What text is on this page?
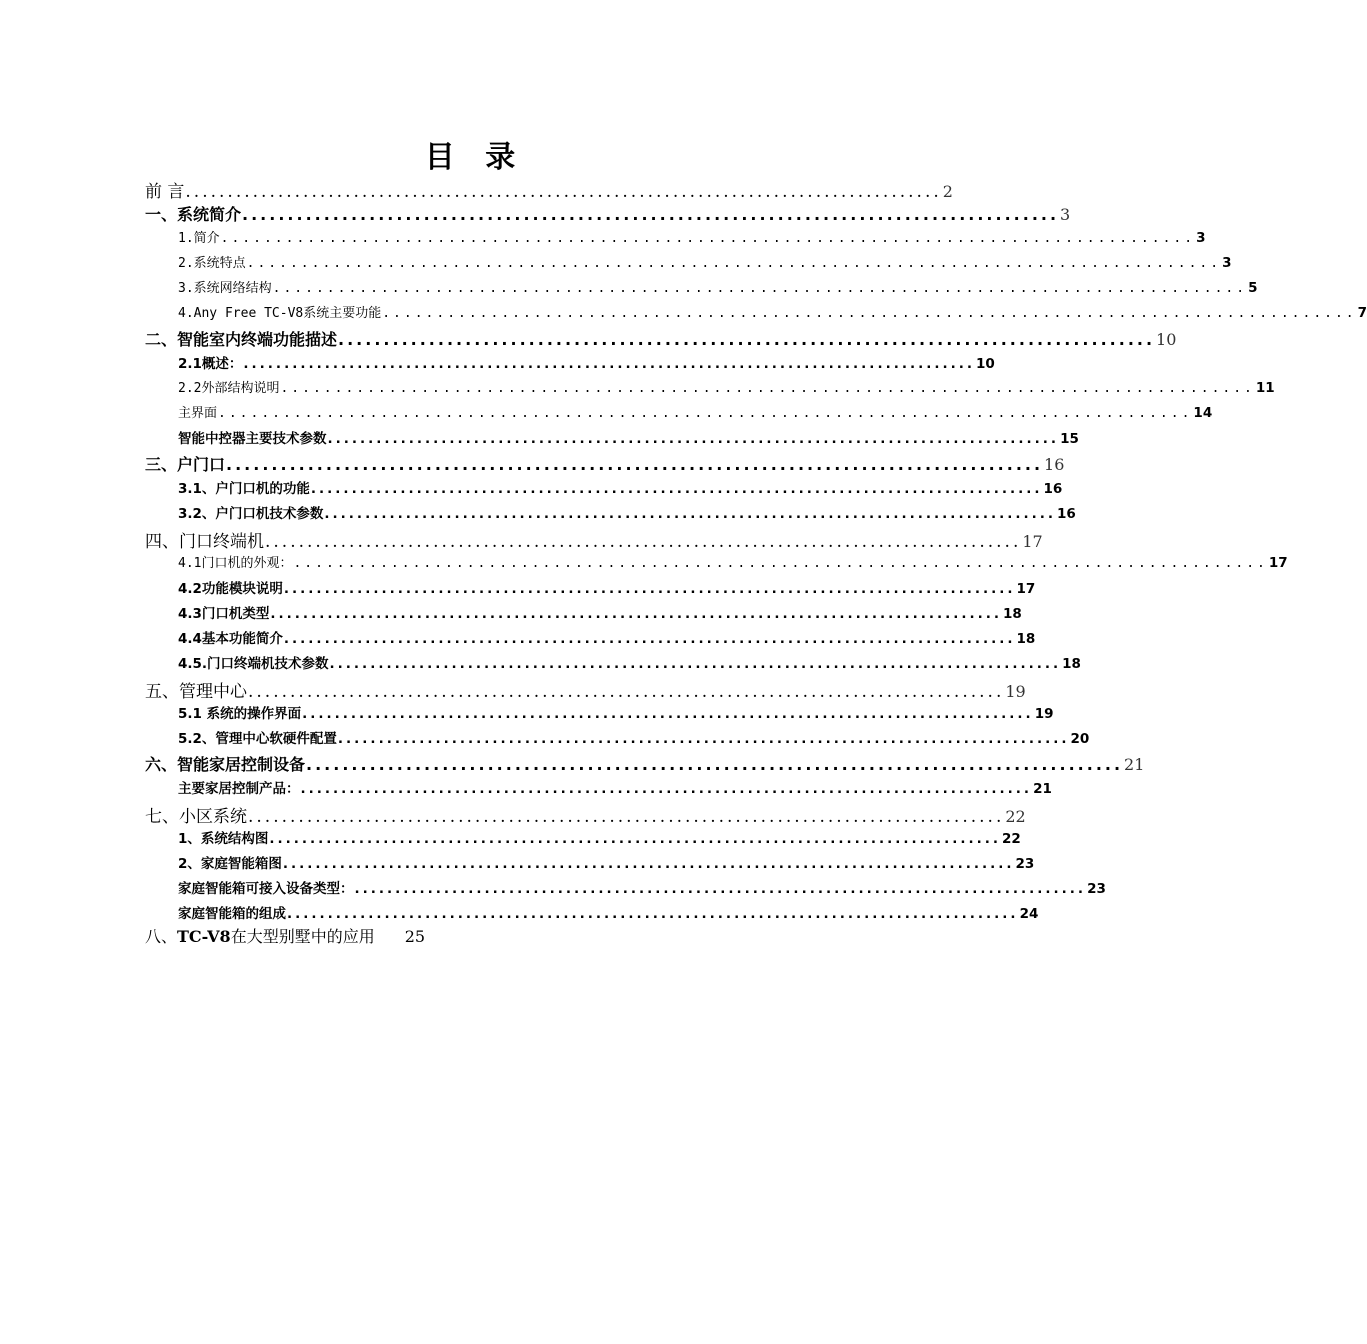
目 录
前 言 .......................................................................................... 2
一、系统简介 .......................................................................................... 3
1.简介 .......................................................................................... 3
2.系统特点 .......................................................................................... 3
3.系统网络结构 .......................................................................................... 5
4.Any Free TC-V8系统主要功能 .......................................................................................... 7
二、智能室内终端功能描述 .......................................................................................... 10
2.1概述： .......................................................................................... 10
2.2外部结构说明 .......................................................................................... 11
主界面 .......................................................................................... 14
智能中控器主要技术参数 .......................................................................................... 15
三、户门口 .......................................................................................... 16
3.1、户门口机的功能 .......................................................................................... 16
3.2、户门口机技术参数 .......................................................................................... 16
四、门口终端机 .......................................................................................... 17
4.1门口机的外观： .......................................................................................... 17
4.2功能模块说明 .......................................................................................... 17
4.3门口机类型 .......................................................................................... 18
4.4基本功能简介 .......................................................................................... 18
4.5.门口终端机技术参数 .......................................................................................... 18
五、管理中心 .......................................................................................... 19
5.1 系统的操作界面 .......................................................................................... 19
5.2、管理中心软硬件配置 .......................................................................................... 20
六、智能家居控制设备 .......................................................................................... 21
主要家居控制产品： .......................................................................................... 21
七、小区系统 .......................................................................................... 22
1、系统结构图 .......................................................................................... 22
2、家庭智能箱图 .......................................................................................... 23
家庭智能箱可接入设备类型： .......................................................................................... 23
家庭智能箱的组成 .......................................................................................... 24
八、 TC-V8 在大型别墅中的应用 25
